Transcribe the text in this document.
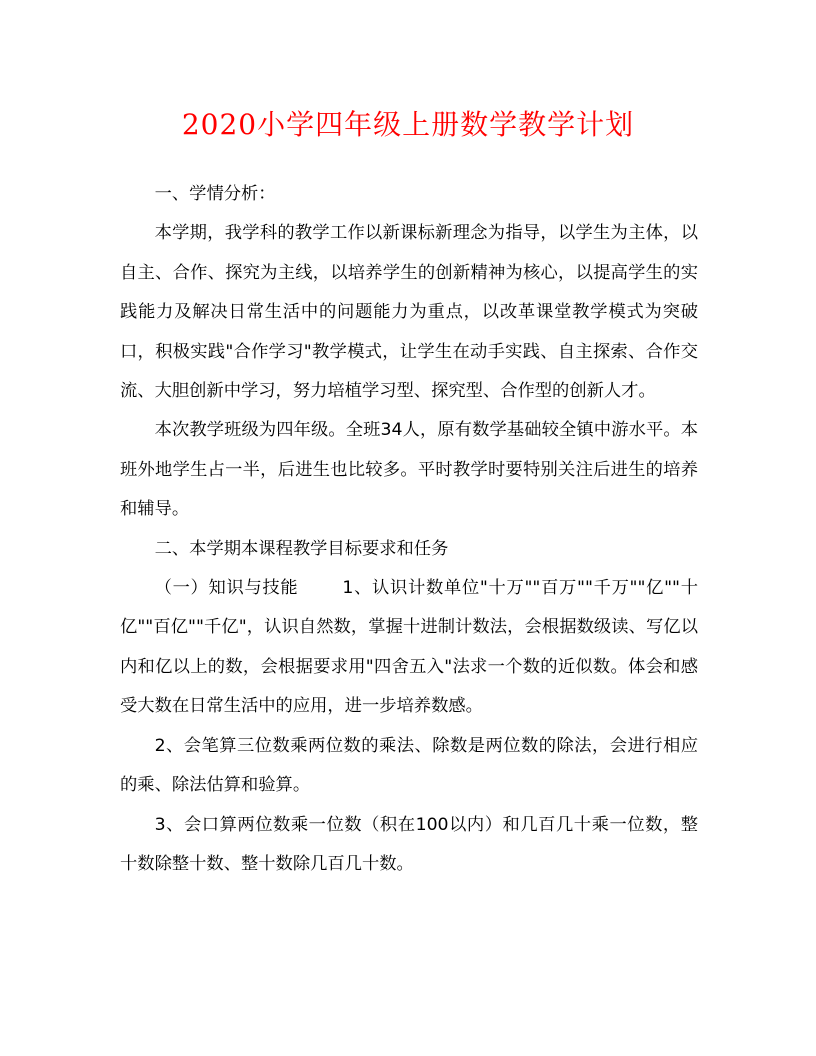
2020小学四年级上册数学教学计划

一、学情分析：

本学期，我学科的教学工作以新课标新理念为指导，以学生为主体，以自主、合作、探究为主线，以培养学生的创新精神为核心，以提高学生的实践能力及解决日常生活中的问题能力为重点，以改革课堂教学模式为突破口，积极实践"合作学习"教学模式，让学生在动手实践、自主探索、合作交流、大胆创新中学习，努力培植学习型、探究型、合作型的创新人才。

本次教学班级为四年级。全班34人，原有数学基础较全镇中游水平。本班外地学生占一半，后进生也比较多。平时教学时要特别关注后进生的培养和辅导。

二、本学期本课程教学目标要求和任务

（一）知识与技能	1、认识计数单位"十万""百万""千万""亿""十亿""百亿""千亿"，认识自然数，掌握十进制计数法，会根据数级读、写亿以内和亿以上的数，会根据要求用"四舍五入"法求一个数的近似数。体会和感受大数在日常生活中的应用，进一步培养数感。

2、会笔算三位数乘两位数的乘法、除数是两位数的除法，会进行相应的乘、除法估算和验算。

3、会口算两位数乘一位数（积在100以内）和几百几十乘一位数，整十数除整十数、整十数除几百几十数。
